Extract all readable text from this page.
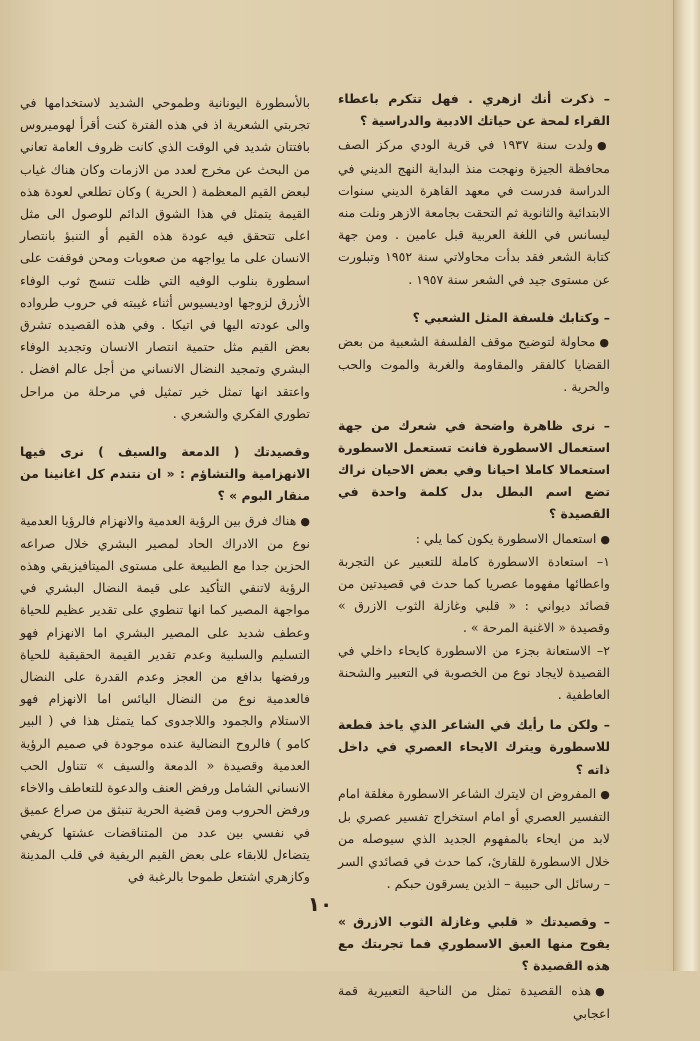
– ذكرت أنك ازهري . فهل تتكرم باعطاء القراء لمحة عن حياتك الادبية والدراسية ؟
●ولدت سنة ١٩٣٧ في قرية الودي مركز الصف محافظة الجيزة ونهجت منذ البداية النهج الديني في الدراسة فدرست في معهد القاهرة الديني سنوات الابتدائية والثانوية ثم التحقت بجامعة الازهر ونلت منه ليسانس في اللغة العربية قبل عامين . ومن جهة كتابة الشعر فقد بدأت محاولاتي سنة ١٩٥٢ وتبلورت عن مستوى جيد في الشعر سنة ١٩٥٧ .
– وكتابك فلسفة المثل الشعبي ؟
●محاولة لتوضيح موقف الفلسفة الشعبية من بعض القضايا كالفقر والمقاومة والغربة والموت والحب والحرية .
– نرى ظاهرة واضحة في شعرك من جهة استعمال الاسطورة فانت تستعمل الاسطورة استعمالا كاملا احيانا وفي بعض الاحيان نراك تضع اسم البطل بدل كلمة واحدة في القصيدة ؟
●استعمال الاسطورة يكون كما يلي :
١– استعادة الاسطورة كاملة للتعبير عن التجربة واعطائها مفهوما عصريا كما حدث في قصيدتين من قصائد ديواني : « قلبي وغازلة الثوب الازرق » وقصيدة « الاغنية المرحة » .
٢– الاستعانة بجزء من الاسطورة كايحاء داخلي في القصيدة لايجاد نوع من الخصوبة في التعبير والشحنة العاطفية .
– ولكن ما رأيك في الشاعر الذي ياخذ قطعة للاسطورة ويترك الايحاء العصري في داخل ذاته ؟
●المفروض ان لايترك الشاعر الاسطورة مغلقة امام التفسير العصري أو امام استخراج تفسير عصري بل لابد من ايحاء بالمفهوم الجديد الذي سيوصله من خلال الاسطورة للقارئ، كما حدث في قصائدي السر – رسائل الى حبيبة – الذين يسرقون حبكم .
– وقصيدتك « قلبي وغازلة الثوب الازرق » يفوح منها العبق الاسطوري فما تجربتك مع هذه القصيدة ؟
●هذه القصيدة تمثل من الناحية التعبيرية قمة اعجابي
بالأسطورة اليونانية وطموحي الشديد لاستخدامها في تجربتي الشعرية اذ في هذه الفترة كنت أقرأ لهوميروس بافتتان شديد في الوقت الذي كانت ظروف العامة تعاني من البحث عن مخرج لعدد من الازمات وكان هناك غياب لبعض القيم المعظمة ( الحرية ) وكان تطلعي لعودة هذه القيمة يتمثل في هذا الشوق الدائم للوصول الى مثل اعلى تتحقق فيه عودة هذه القيم أو التنبؤ بانتصار الانسان على ما يواجهه من صعوبات ومحن فوقفت على اسطورة بنلوب الوفيه التي ظلت تنسج ثوب الوفاء الأزرق لزوجها اوديسيوس أثناء غيبته في حروب طرواده والى عودته اليها في اتيكا . وفي هذه القصيده تشرق بعض القيم مثل حتمية انتصار الانسان وتجديد الوفاء البشري وتمجيد النضال الانساني من أجل عالم افضل . واعتقد انها تمثل خير تمثيل في مرحلة من مراحل تطوري الفكري والشعري .
وقصيدتك ( الدمعة والسيف ) نرى فيها الانهزامية والتشاؤم : « ان نتندم كل اغانينا من منقار البوم » ؟
●هناك فرق بين الرؤية العدمية والانهزام فالرؤيا العدمية نوع من الادراك الحاد لمصير البشري خلال صراعه الحزين جدا مع الطبيعة على مستوى الميتافيزيقي وهذه الرؤية لاتنفي التأكيد على قيمة النضال البشري في مواجهة المصير كما انها تنطوي على تقدير عظيم للحياة وعطف شديد على المصير البشري اما الانهزام فهو التسليم والسلبية وعدم تقدير القيمة الحقيقية للحياة ورفضها بدافع من العجز وعدم القدرة على النضال فالعدمية نوع من النضال اليائس اما الانهزام فهو الاستلام والجمود واللاجدوى كما يتمثل هذا في ( البير كامو ) فالروح النضالية عنده موجودة في صميم الرؤية العدمية وقصيدة « الدمعة والسيف » تتناول الحب الانساني الشامل ورفض العنف والدعوة للتعاطف والاخاء ورفض الحروب ومن قضية الحرية تنبثق من صراع عميق في نفسي بين عدد من المتناقضات عشتها كريفي يتضاءل للابقاء على بعض القيم الريفية في قلب المدينة وكازهري اشتعل طموحا بالرغبة في
١٠
